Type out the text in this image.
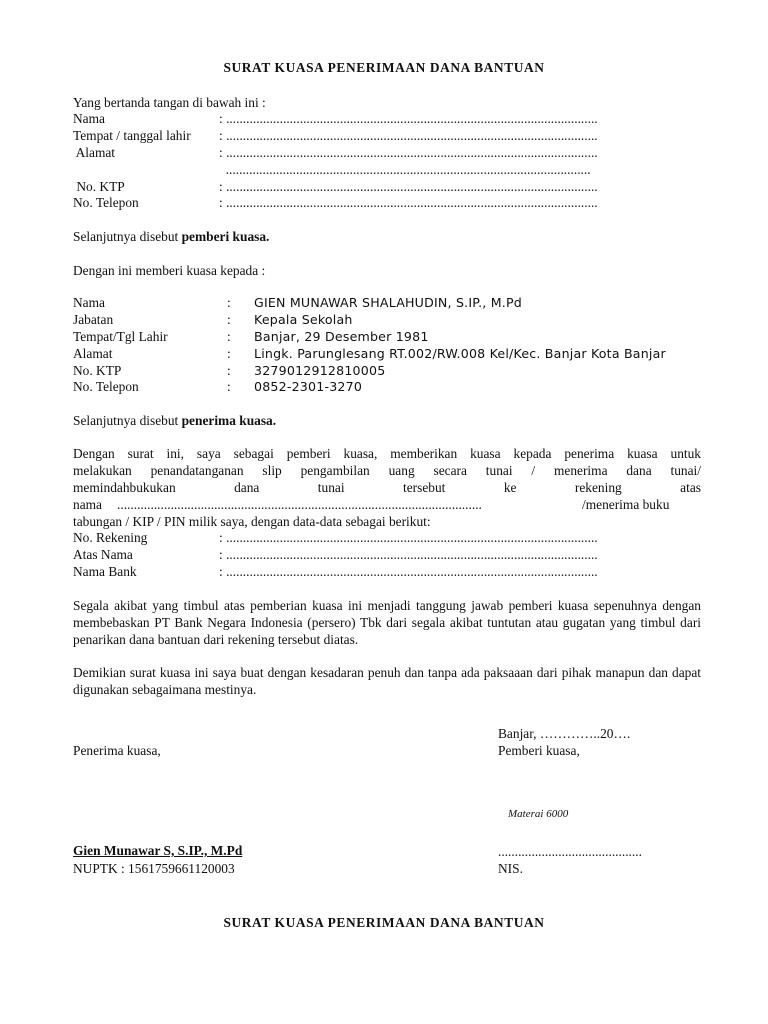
SURAT KUASA PENERIMAAN DANA BANTUAN
Yang bertanda tangan di bawah ini :
Nama	: ...............................................................................................................
Tempat / tanggal lahir : ...............................................................................................................
Alamat	: ...............................................................................................................
.............................................................................................................
No. KTP	: ...............................................................................................................
No. Telepon	: ...............................................................................................................
Selanjutnya disebut pemberi kuasa.
Dengan ini memberi kuasa kepada :
Nama	: GIEN MUNAWAR SHALAHUDIN, S.IP., M.Pd
Jabatan	: Kepala Sekolah
Tempat/Tgl Lahir	: Banjar, 29 Desember 1981
Alamat	: Lingk. Parunglesang RT.002/RW.008 Kel/Kec. Banjar Kota Banjar
No. KTP	: 3279012912810005
No. Telepon	: 0852-2301-3270
Selanjutnya disebut penerima kuasa.
Dengan surat ini, saya sebagai pemberi kuasa, memberikan kuasa kepada penerima kuasa untuk
melakukan penandatanganan slip pengambilan uang secara tunai / menerima dana tunai/
memindahbukukan dana tunai tersebut ke rekening atas
nama .............................................................................................................	/menerima buku
tabungan / KIP / PIN milik saya, dengan data-data sebagai berikut:
No. Rekening	: ...............................................................................................................
Atas Nama	: ...............................................................................................................
Nama Bank	: ...............................................................................................................
Segala akibat yang timbul atas pemberian kuasa ini menjadi tanggung jawab pemberi kuasa sepenuhnya dengan membebaskan PT Bank Negara Indonesia (persero) Tbk dari segala akibat tuntutan atau gugatan yang timbul dari penarikan dana bantuan dari rekening tersebut diatas.
Demikian surat kuasa ini saya buat dengan kesadaran penuh dan tanpa ada paksaaan dari pihak manapun dan dapat digunakan sebagaimana mestinya.
Banjar, …………..20….
Penerima kuasa,	Pemberi kuasa,
Materai 6000
Gien Munawar S, S.IP., M.Pd	...........................................
NUPTK : 1561759661120003	NIS.
SURAT KUASA PENERIMAAN DANA BANTUAN
